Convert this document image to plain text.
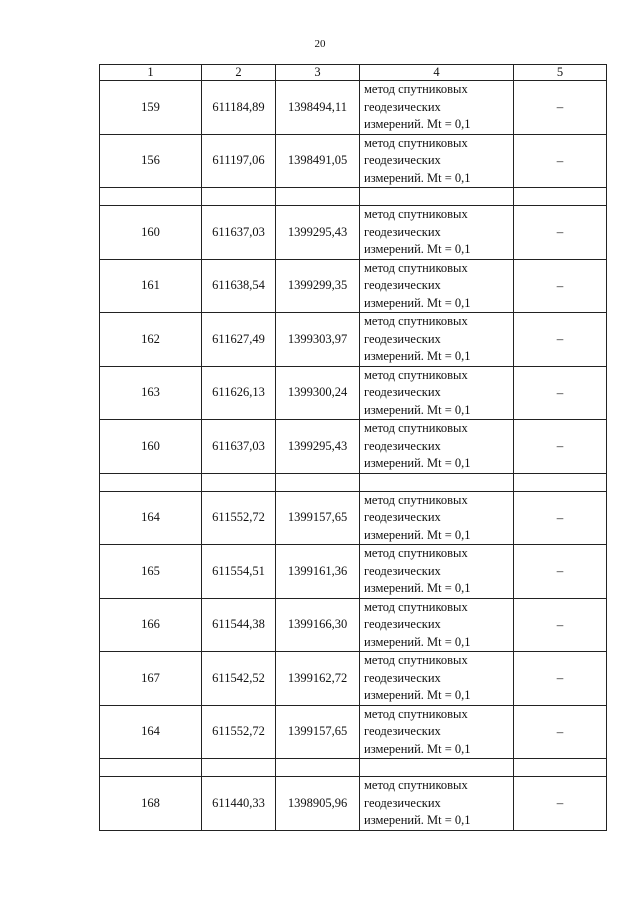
20
1	2	3	4	5
159	611184,89	1398494,11	метод спутниковых
геодезических
измерений. Mt = 0,1	–
156	611197,06	1398491,05	метод спутниковых
геодезических
измерений. Mt = 0,1	–

160	611637,03	1399295,43	метод спутниковых
геодезических
измерений. Mt = 0,1	–
161	611638,54	1399299,35	метод спутниковых
геодезических
измерений. Mt = 0,1	–
162	611627,49	1399303,97	метод спутниковых
геодезических
измерений. Mt = 0,1	–
163	611626,13	1399300,24	метод спутниковых
геодезических
измерений. Mt = 0,1	–
160	611637,03	1399295,43	метод спутниковых
геодезических
измерений. Mt = 0,1	–

164	611552,72	1399157,65	метод спутниковых
геодезических
измерений. Mt = 0,1	–
165	611554,51	1399161,36	метод спутниковых
геодезических
измерений. Mt = 0,1	–
166	611544,38	1399166,30	метод спутниковых
геодезических
измерений. Mt = 0,1	–
167	611542,52	1399162,72	метод спутниковых
геодезических
измерений. Mt = 0,1	–
164	611552,72	1399157,65	метод спутниковых
геодезических
измерений. Mt = 0,1	–

168	611440,33	1398905,96	метод спутниковых
геодезических
измерений. Mt = 0,1	–
